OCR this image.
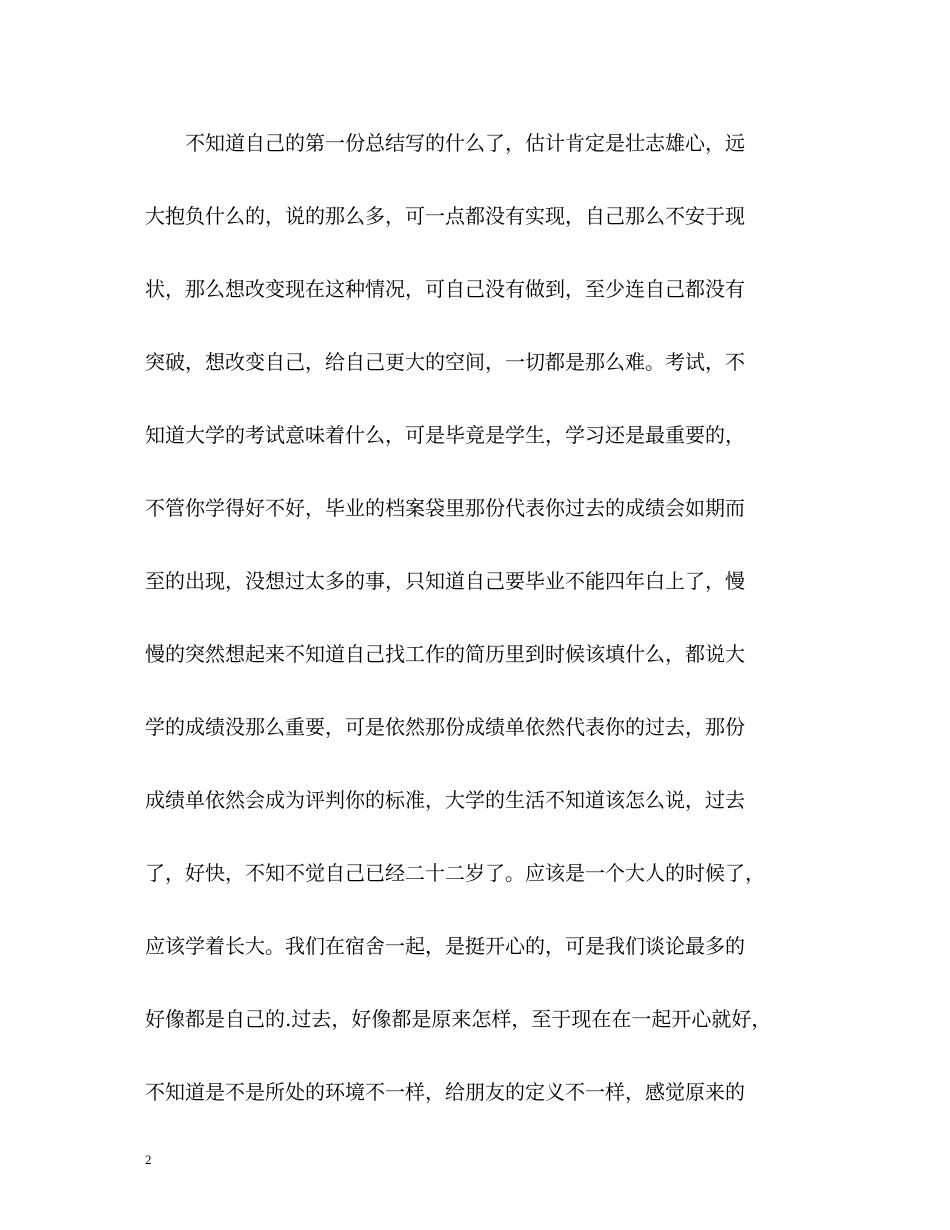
　　不知道自己的第一份总结写的什么了，估计肯定是壮志雄心，远
大抱负什么的，说的那么多，可一点都没有实现，自己那么不安于现
状，那么想改变现在这种情况，可自己没有做到，至少连自己都没有
突破，想改变自己，给自己更大的空间，一切都是那么难。考试，不
知道大学的考试意味着什么，可是毕竟是学生，学习还是最重要的，
不管你学得好不好，毕业的档案袋里那份代表你过去的成绩会如期而
至的出现，没想过太多的事，只知道自己要毕业不能四年白上了，慢
慢的突然想起来不知道自己找工作的简历里到时候该填什么，都说大
学的成绩没那么重要，可是依然那份成绩单依然代表你的过去，那份
成绩单依然会成为评判你的标准，大学的生活不知道该怎么说，过去
了，好快，不知不觉自己已经二十二岁了。应该是一个大人的时候了，
应该学着长大。我们在宿舍一起，是挺开心的，可是我们谈论最多的
好像都是自己的.过去，好像都是原来怎样，至于现在在一起开心就好，
不知道是不是所处的环境不一样，给朋友的定义不一样，感觉原来的
2
